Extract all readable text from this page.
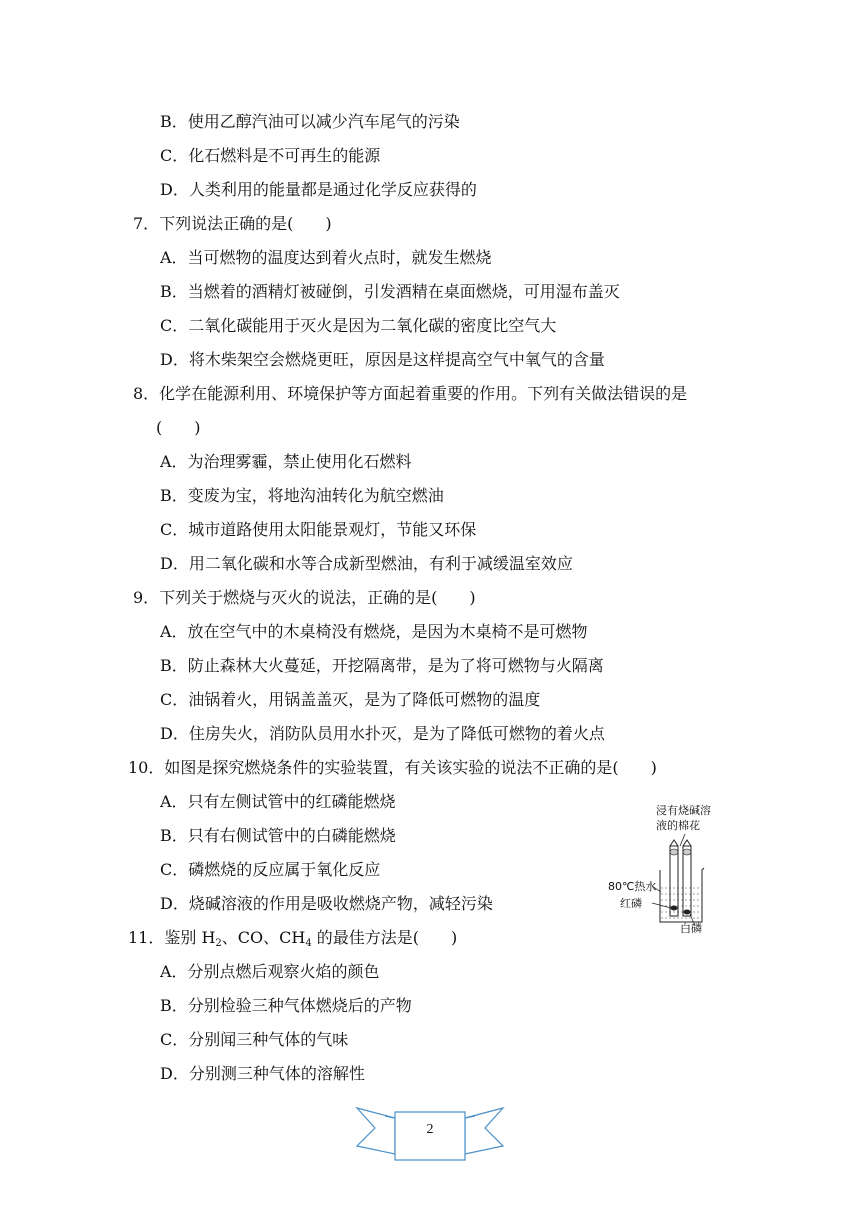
B．使用乙醇汽油可以减少汽车尾气的污染
C．化石燃料是不可再生的能源
D．人类利用的能量都是通过化学反应获得的
7．下列说法正确的是(　　)
A．当可燃物的温度达到着火点时，就发生燃烧
B．当燃着的酒精灯被碰倒，引发酒精在桌面燃烧，可用湿布盖灭
C．二氧化碳能用于灭火是因为二氧化碳的密度比空气大
D．将木柴架空会燃烧更旺，原因是这样提高空气中氧气的含量
8．化学在能源利用、环境保护等方面起着重要的作用。下列有关做法错误的是
(　　)
A．为治理雾霾，禁止使用化石燃料
B．变废为宝，将地沟油转化为航空燃油
C．城市道路使用太阳能景观灯，节能又环保
D．用二氧化碳和水等合成新型燃油，有利于减缓温室效应
9．下列关于燃烧与灭火的说法，正确的是(　　)
A．放在空气中的木桌椅没有燃烧，是因为木桌椅不是可燃物
B．防止森林大火蔓延，开挖隔离带，是为了将可燃物与火隔离
C．油锅着火，用锅盖盖灭，是为了降低可燃物的温度
D．住房失火，消防队员用水扑灭，是为了降低可燃物的着火点
10．如图是探究燃烧条件的实验装置，有关该实验的说法不正确的是(　　)
A．只有左侧试管中的红磷能燃烧
B．只有右侧试管中的白磷能燃烧
C．磷燃烧的反应属于氧化反应
D．烧碱溶液的作用是吸收燃烧产物，减轻污染
11．鉴别 $H_2$、CO、$CH_4$ 的最佳方法是(　　)
A．分别点燃后观察火焰的颜色
B．分别检验三种气体燃烧后的产物
C．分别闻三种气体的气味
D．分别测三种气体的溶解性
浸有烧碱溶
液的棉花
80℃热水
红磷
白磷
2
